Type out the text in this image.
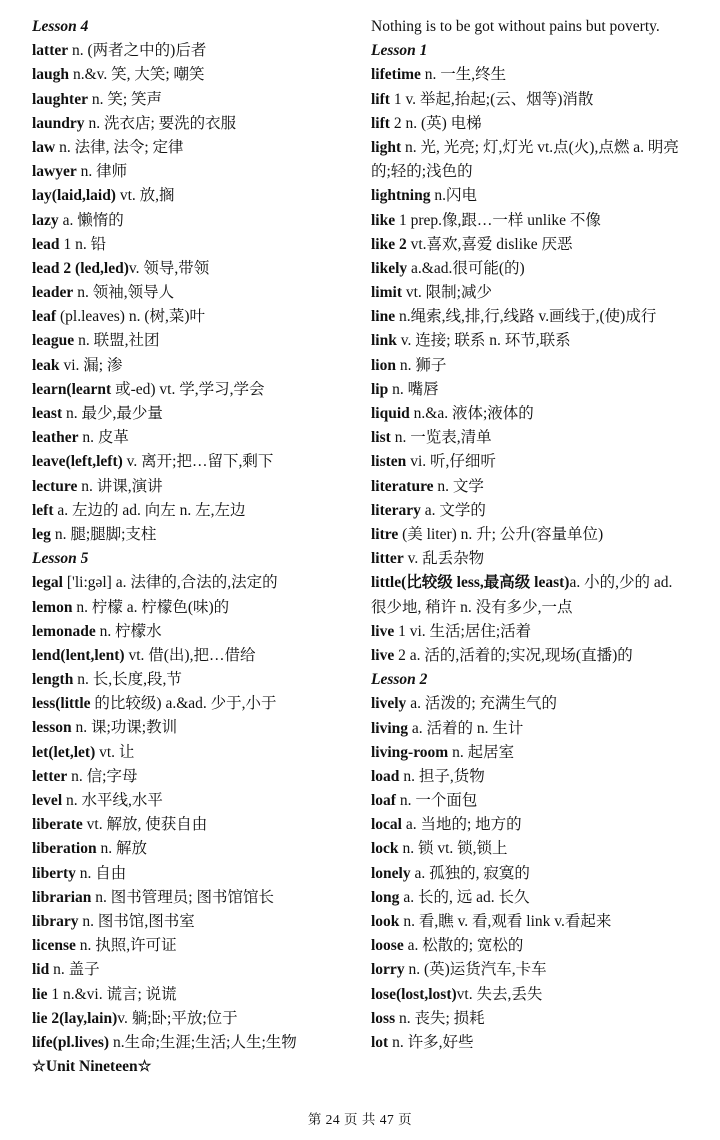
Lesson 4
latter n. (两者之中的)后者
laugh n.&v. 笑, 大笑; 嘲笑
laughter n. 笑; 笑声
laundry n. 洗衣店; 要洗的衣服
law n. 法律, 法令; 定律
lawyer n. 律师
lay(laid,laid) vt. 放,搁
lazy a. 懒惰的
lead 1 n. 铅
lead 2 (led,led)v. 领导,带领
leader n. 领袖,领导人
leaf (pl.leaves) n. (树,菜)叶
league n. 联盟,社团
leak vi. 漏; 渗
learn(learnt 或-ed) vt. 学,学习,学会
least n. 最少,最少量
leather n. 皮革
leave(left,left) v. 离开;把…留下,剩下
lecture n. 讲课,演讲
left a. 左边的 ad. 向左 n. 左,左边
leg n. 腿;腿脚;支柱
Lesson 5
legal ['li:gəl] a. 法律的,合法的,法定的
lemon n. 柠檬 a. 柠檬色(味)的
lemonade n. 柠檬水
lend(lent,lent) vt. 借(出),把…借给
length n. 长,长度,段,节
less(little 的比较级) a.&ad. 少于,小于
lesson n. 课;功课;教训
let(let,let) vt. 让
letter n. 信;字母
level n. 水平线,水平
liberate vt. 解放, 使获自由
liberation n. 解放
liberty n. 自由
librarian n. 图书管理员; 图书馆馆长
library n. 图书馆,图书室
license n. 执照,许可证
lid n. 盖子
lie 1 n.&vi. 谎言; 说谎
lie 2(lay,lain)v. 躺;卧;平放;位于
life(pl.lives) n.生命;生涯;生活;人生;生物
☆Unit Nineteen☆
Nothing is to be got without pains but poverty.
Lesson 1
lifetime n. 一生,终生
lift 1 v. 举起,抬起;(云、烟等)消散
lift 2 n. (英) 电梯
light n. 光, 光亮; 灯,灯光 vt.点(火),点燃 a. 明亮的;轻的;浅色的
lightning n.闪电
like 1 prep.像,跟…一样 unlike 不像
like 2 vt.喜欢,喜爱 dislike 厌恶
likely a.&ad.很可能(的)
limit vt. 限制;减少
line n.绳索,线,排,行,线路 v.画线于,(使)成行
link v. 连接; 联系 n. 环节,联系
lion n. 狮子
lip n. 嘴唇
liquid n.&a. 液体;液体的
list n. 一览表,清单
listen vi. 听,仔细听
literature n. 文学
literary a. 文学的
litre (美 liter) n. 升; 公升(容量单位)
litter v. 乱丢杂物
little(比较级 less,最高级 least)a. 小的,少的 ad. 很少地, 稍许 n. 没有多少,一点
live 1 vi. 生活;居住;活着
live 2 a. 活的,活着的;实况,现场(直播)的
Lesson 2
lively a. 活泼的; 充满生气的
living a. 活着的 n. 生计
living-room n. 起居室
load n. 担子,货物
loaf n. 一个面包
local a. 当地的; 地方的
lock n. 锁 vt. 锁,锁上
lonely a. 孤独的, 寂寞的
long a. 长的, 远 ad. 长久
look n. 看,瞧 v. 看,观看 link v.看起来
loose a. 松散的; 宽松的
lorry n. (英)运货汽车,卡车
lose(lost,lost)vt. 失去,丢失
loss n. 丧失; 损耗
lot n. 许多,好些
第 24 页 共 47 页
